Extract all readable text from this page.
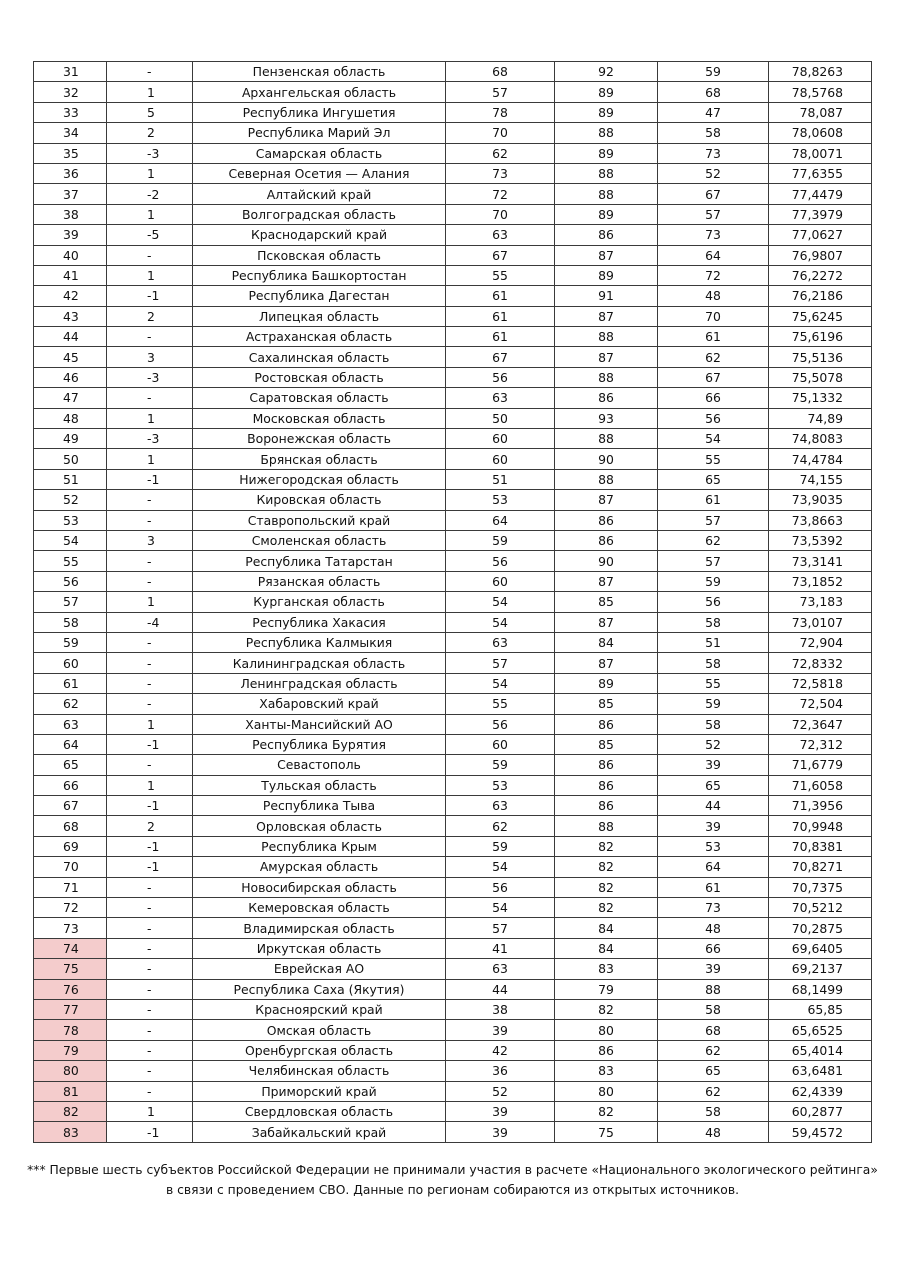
31	-	Пензенская область	68	92	59	78,8263
32	1	Архангельская область	57	89	68	78,5768
33	5	Республика Ингушетия	78	89	47	78,087
34	2	Республика Марий Эл	70	88	58	78,0608
35	-3	Самарская область	62	89	73	78,0071
36	1	Северная Осетия — Алания	73	88	52	77,6355
37	-2	Алтайский край	72	88	67	77,4479
38	1	Волгоградская область	70	89	57	77,3979
39	-5	Краснодарский край	63	86	73	77,0627
40	-	Псковская область	67	87	64	76,9807
41	1	Республика Башкортостан	55	89	72	76,2272
42	-1	Республика Дагестан	61	91	48	76,2186
43	2	Липецкая область	61	87	70	75,6245
44	-	Астраханская область	61	88	61	75,6196
45	3	Сахалинская область	67	87	62	75,5136
46	-3	Ростовская область	56	88	67	75,5078
47	-	Саратовская область	63	86	66	75,1332
48	1	Московская область	50	93	56	74,89
49	-3	Воронежская область	60	88	54	74,8083
50	1	Брянская область	60	90	55	74,4784
51	-1	Нижегородская область	51	88	65	74,155
52	-	Кировская область	53	87	61	73,9035
53	-	Ставропольский край	64	86	57	73,8663
54	3	Смоленская область	59	86	62	73,5392
55	-	Республика Татарстан	56	90	57	73,3141
56	-	Рязанская область	60	87	59	73,1852
57	1	Курганская область	54	85	56	73,183
58	-4	Республика Хакасия	54	87	58	73,0107
59	-	Республика Калмыкия	63	84	51	72,904
60	-	Калининградская область	57	87	58	72,8332
61	-	Ленинградская область	54	89	55	72,5818
62	-	Хабаровский край	55	85	59	72,504
63	1	Ханты-Мансийский АО	56	86	58	72,3647
64	-1	Республика Бурятия	60	85	52	72,312
65	-	Севастополь	59	86	39	71,6779
66	1	Тульская область	53	86	65	71,6058
67	-1	Республика Тыва	63	86	44	71,3956
68	2	Орловская область	62	88	39	70,9948
69	-1	Республика Крым	59	82	53	70,8381
70	-1	Амурская область	54	82	64	70,8271
71	-	Новосибирская область	56	82	61	70,7375
72	-	Кемеровская область	54	82	73	70,5212
73	-	Владимирская область	57	84	48	70,2875
74	-	Иркутская область	41	84	66	69,6405
75	-	Еврейская АО	63	83	39	69,2137
76	-	Республика Саха (Якутия)	44	79	88	68,1499
77	-	Красноярский край	38	82	58	65,85
78	-	Омская область	39	80	68	65,6525
79	-	Оренбургская область	42	86	62	65,4014
80	-	Челябинская область	36	83	65	63,6481
81	-	Приморский край	52	80	62	62,4339
82	1	Свердловская область	39	82	58	60,2877
83	-1	Забайкальский край	39	75	48	59,4572
*** Первые шесть субъектов Российской Федерации не принимали участия в расчете «Национального экологического рейтинга»
в связи с проведением СВО. Данные по регионам собираются из открытых источников.
